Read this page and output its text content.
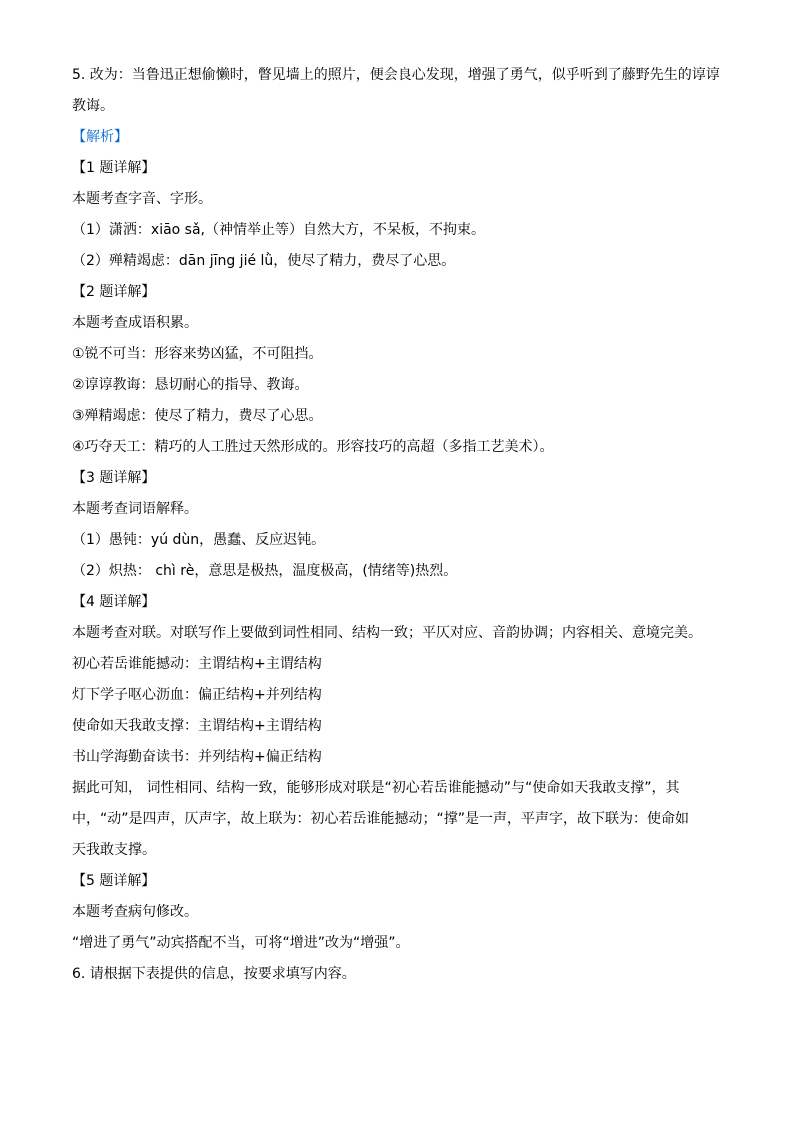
5. 改为：当鲁迅正想偷懒时，瞥见墙上的照片，便会良心发现，增强了勇气，似乎听到了藤野先生的谆谆
教诲。
【解析】
【1 题详解】
本题考查字音、字形。
（1）潇洒：xiāo sǎ,（神情举止等）自然大方，不呆板，不拘束。
（2）殚精竭虑：dān jīng jié lǜ，使尽了精力，费尽了心思。
【2 题详解】
本题考查成语积累。
①锐不可当：形容来势凶猛，不可阻挡。
②谆谆教诲：恳切耐心的指导、教诲。
③殚精竭虑：使尽了精力，费尽了心思。
④巧夺天工：精巧的人工胜过天然形成的。形容技巧的高超（多指工艺美术）。
【3 题详解】
本题考查词语解释。
（1）愚钝：yú dùn，愚蠢、反应迟钝。
（2）炽热： chì rè，意思是极热，温度极高，(情绪等)热烈。
【4 题详解】
本题考查对联。对联写作上要做到词性相同、结构一致；平仄对应、音韵协调；内容相关、意境完美。
初心若岳谁能撼动：主谓结构+主谓结构
灯下学子呕心沥血：偏正结构+并列结构
使命如天我敢支撑：主谓结构+主谓结构
书山学海勤奋读书：并列结构+偏正结构
据此可知， 词性相同、结构一致，能够形成对联是“初心若岳谁能撼动”与“使命如天我敢支撑”，其
中，“动”是四声，仄声字，故上联为：初心若岳谁能撼动；“撑”是一声，平声字，故下联为：使命如
天我敢支撑。
【5 题详解】
本题考查病句修改。
“增进了勇气”动宾搭配不当，可将“增进”改为“增强”。
6. 请根据下表提供的信息，按要求填写内容。
